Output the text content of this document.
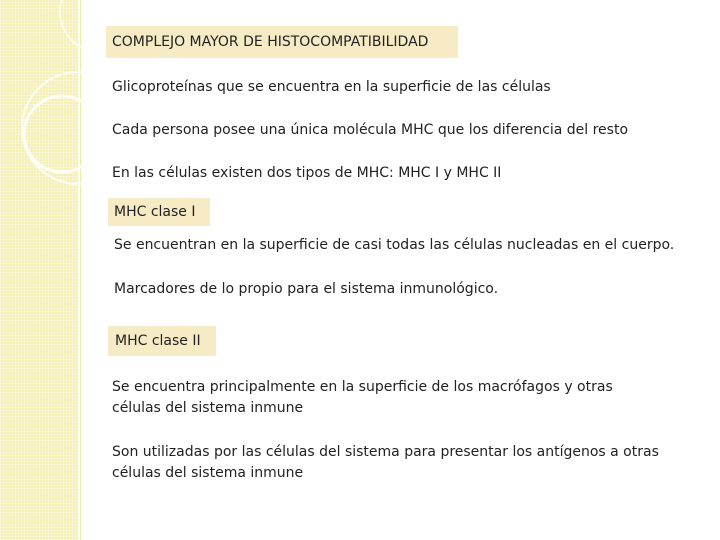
COMPLEJO MAYOR DE HISTOCOMPATIBILIDAD
Glicoproteínas que se encuentra en la superficie de las células
Cada persona posee una única molécula MHC que los diferencia del resto
En las células existen dos tipos de MHC: MHC I y MHC II
MHC clase I
Se encuentran en la superficie de casi todas las células nucleadas en el cuerpo.
Marcadores de lo propio para el sistema inmunológico.
MHC clase II
Se encuentra principalmente en la superficie de los macrófagos y otras
células del sistema inmune
Son utilizadas por las células del sistema para presentar los antígenos a otras
células del sistema inmune
